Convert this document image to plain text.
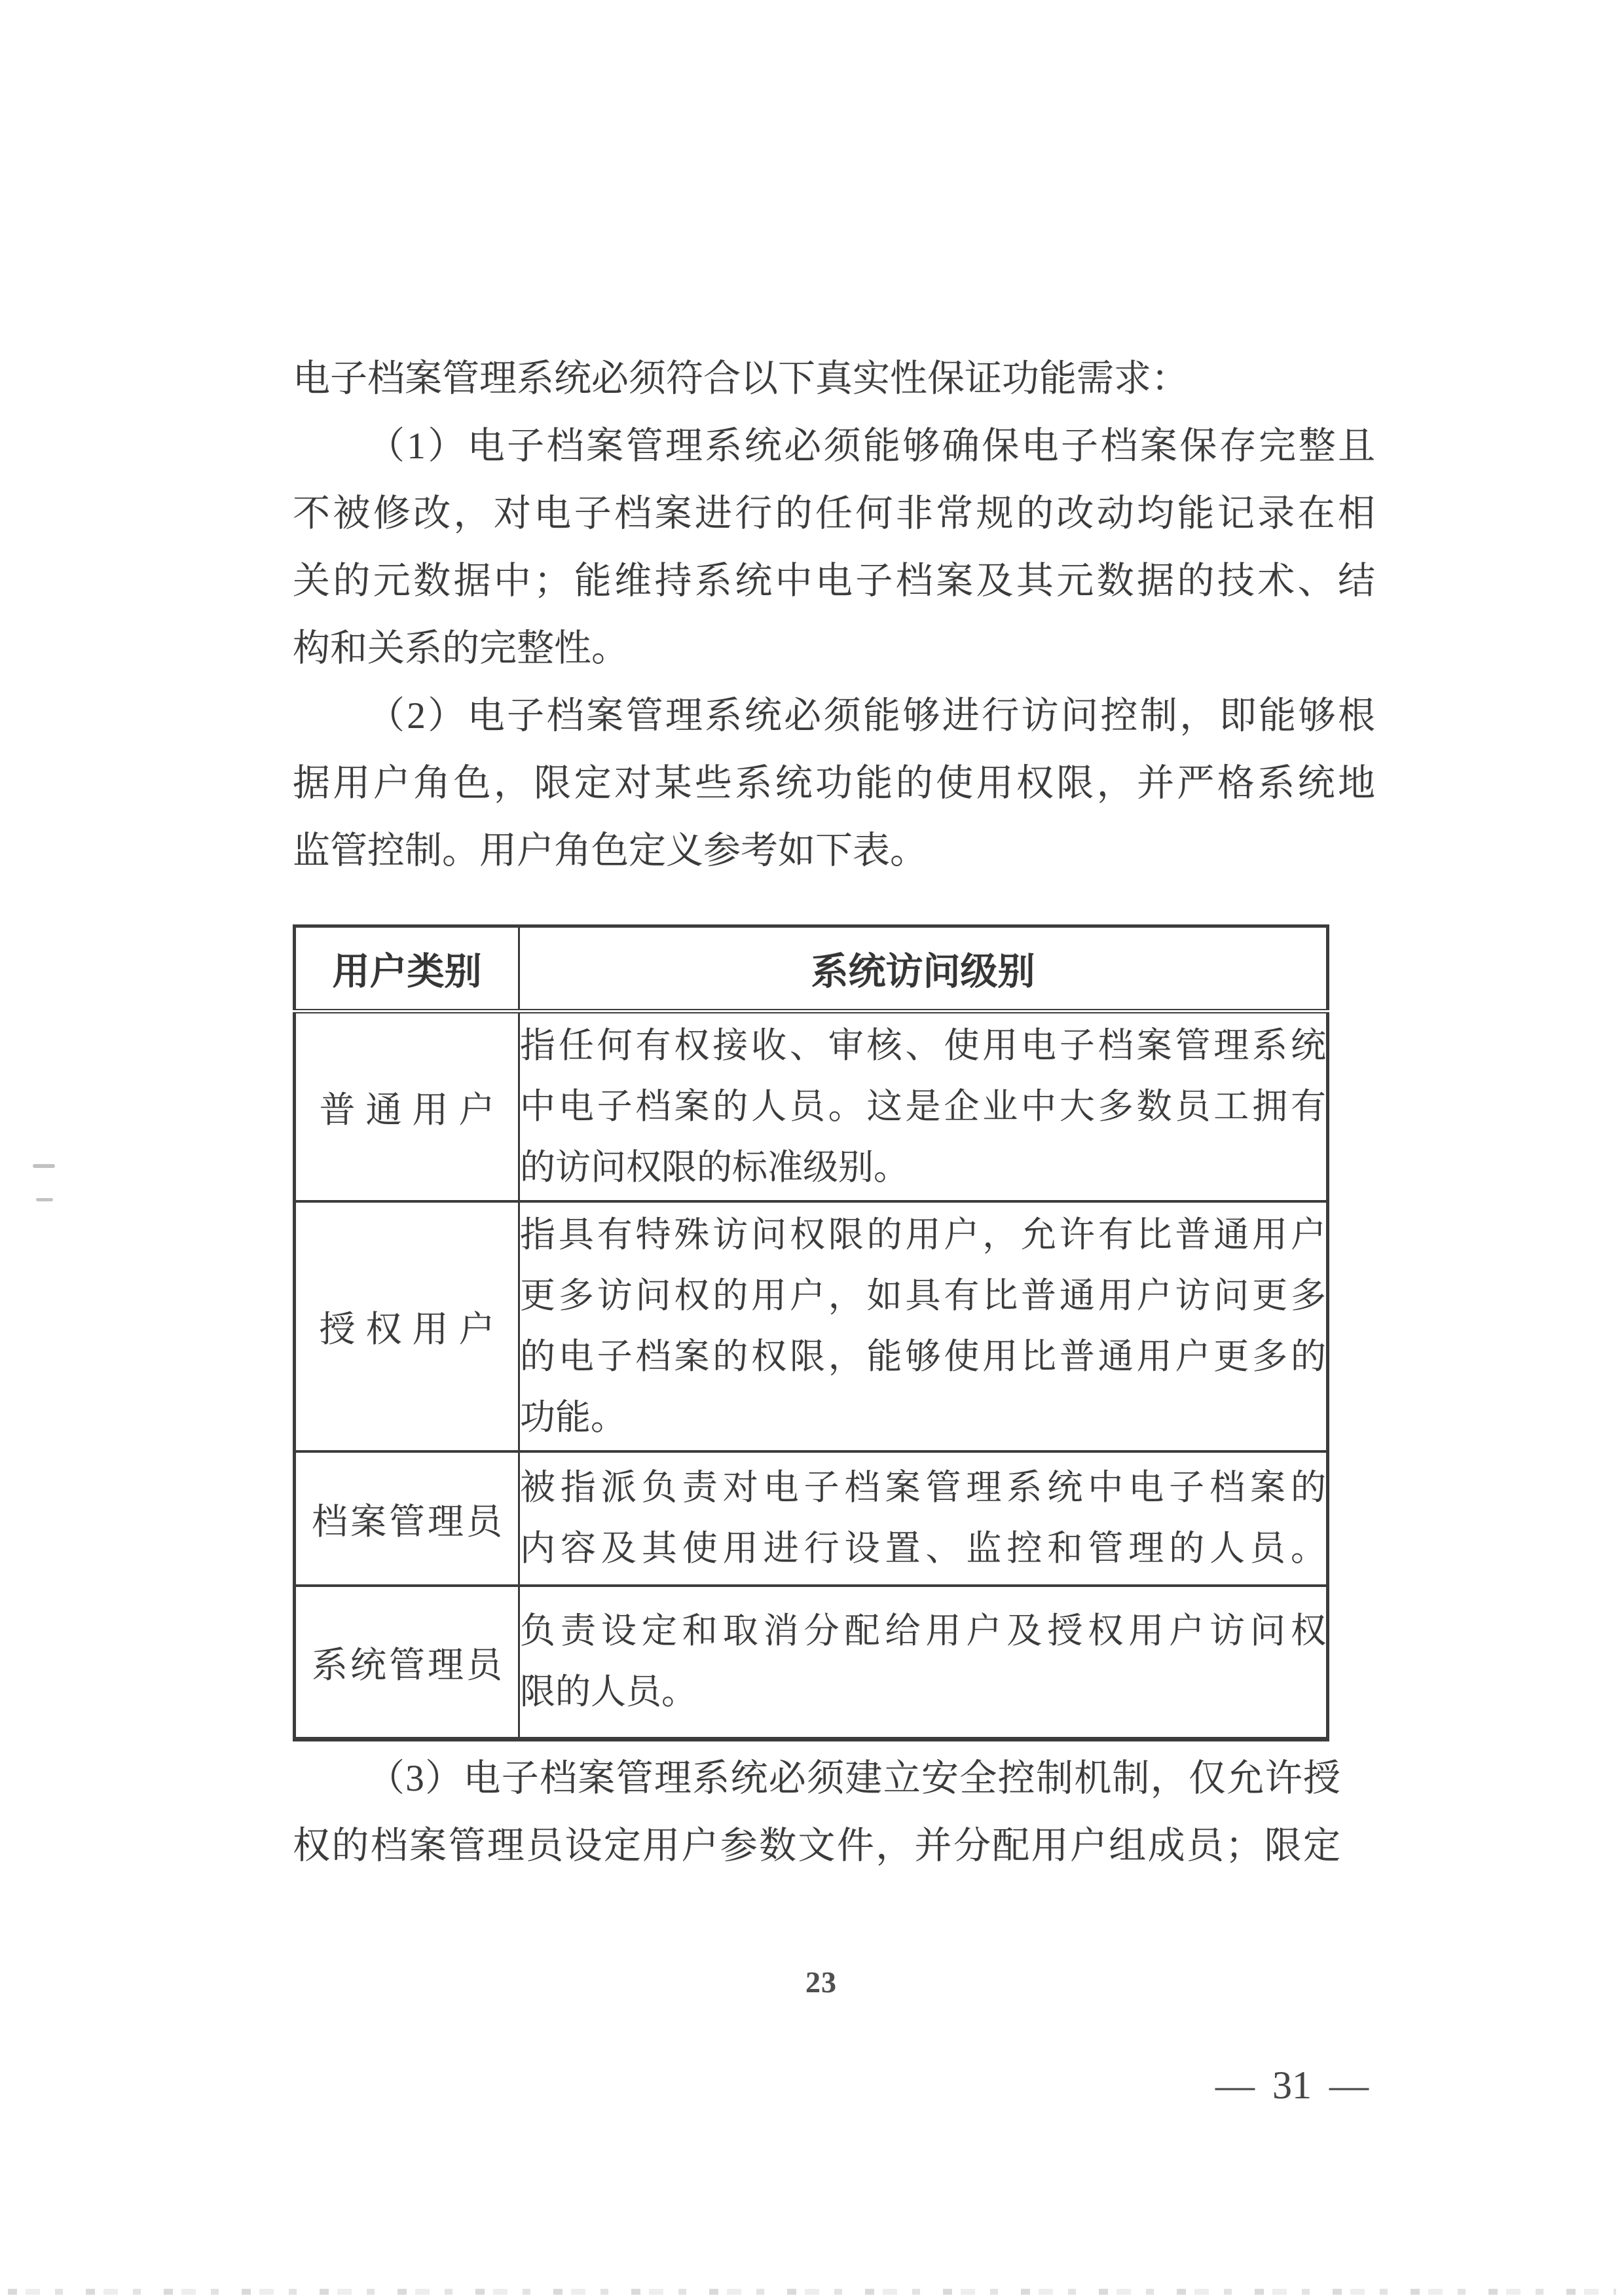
电子档案管理系统必须符合以下真实性保证功能需求：

（1）电子档案管理系统必须能够确保电子档案保存完整且
不被修改，对电子档案进行的任何非常规的改动均能记录在相
关的元数据中；能维持系统中电子档案及其元数据的技术、结
构和关系的完整性。

（2）电子档案管理系统必须能够进行访问控制，即能够根
据用户角色，限定对某些系统功能的使用权限，并严格系统地
监管控制。用户角色定义参考如下表。

用户类别	系统访问级别
普通用户	指任何有权接收、审核、使用电子档案管理系统
中电子档案的人员。这是企业中大多数员工拥有
的访问权限的标准级别。

授权用户	指具有特殊访问权限的用户，允许有比普通用户
更多访问权的用户，如具有比普通用户访问更多
的电子档案的权限，能够使用比普通用户更多的
功能。

档案管理员	被指派负责对电子档案管理系统中电子档案的
内容及其使用进行设置、监控和管理的人员。

系统管理员	负责设定和取消分配给用户及授权用户访问权
限的人员。

（3）电子档案管理系统必须建立安全控制机制，仅允许授
权的档案管理员设定用户参数文件，并分配用户组成员；限定

23
— 31 —
